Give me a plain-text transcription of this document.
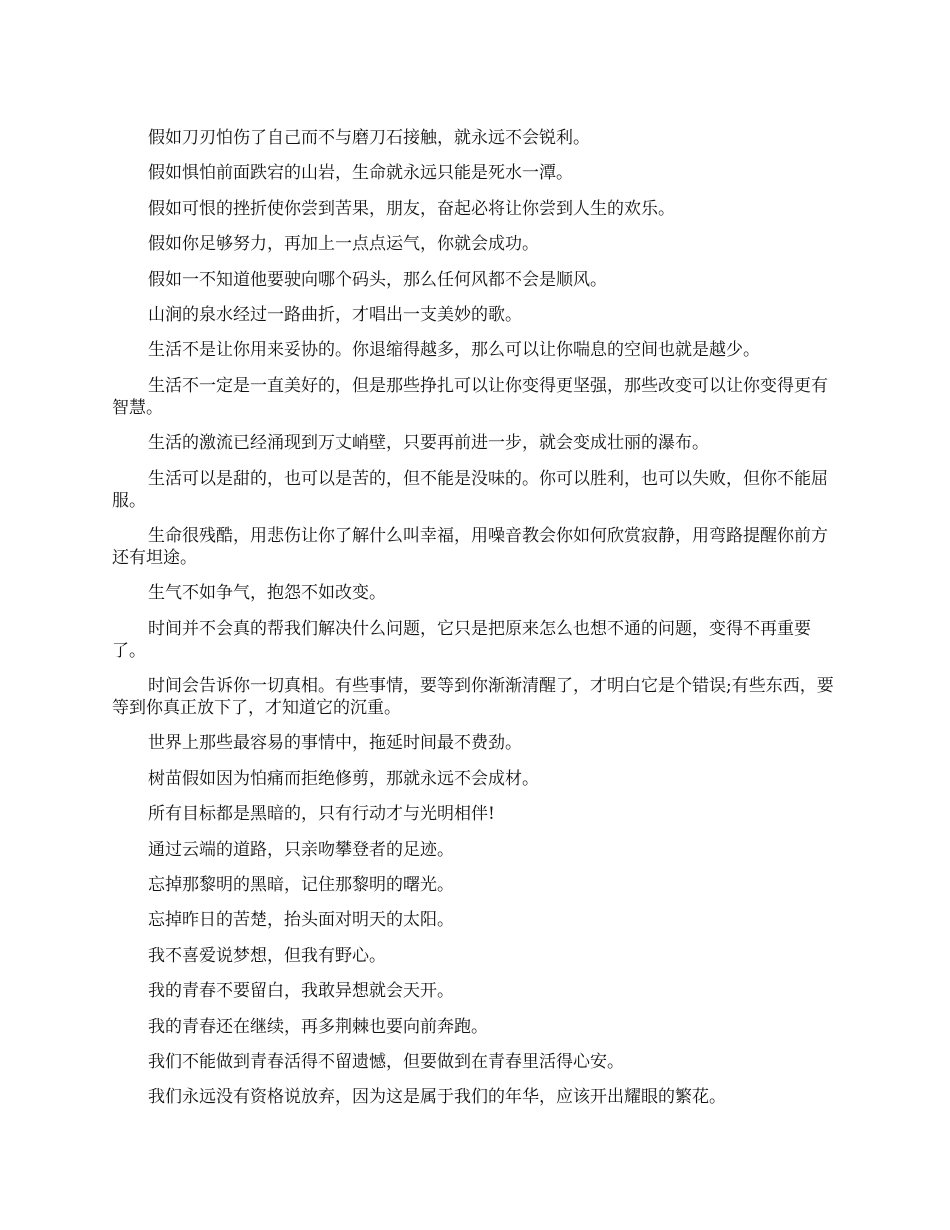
假如刀刃怕伤了自己而不与磨刀石接触，就永远不会锐利。

假如惧怕前面跌宕的山岩，生命就永远只能是死水一潭。

假如可恨的挫折使你尝到苦果，朋友，奋起必将让你尝到人生的欢乐。

假如你足够努力，再加上一点点运气，你就会成功。

假如一不知道他要驶向哪个码头，那么任何风都不会是顺风。

山涧的泉水经过一路曲折，才唱出一支美妙的歌。

生活不是让你用来妥协的。你退缩得越多，那么可以让你喘息的空间也就是越少。

生活不一定是一直美好的，但是那些挣扎可以让你变得更坚强，那些改变可以让你变得更有智慧。

生活的激流已经涌现到万丈峭壁，只要再前进一步，就会变成壮丽的瀑布。

生活可以是甜的，也可以是苦的，但不能是没味的。你可以胜利，也可以失败，但你不能屈服。

生命很残酷，用悲伤让你了解什么叫幸福，用噪音教会你如何欣赏寂静，用弯路提醒你前方还有坦途。

生气不如争气，抱怨不如改变。

时间并不会真的帮我们解决什么问题，它只是把原来怎么也想不通的问题，变得不再重要了。

时间会告诉你一切真相。有些事情，要等到你渐渐清醒了，才明白它是个错误;有些东西，要等到你真正放下了，才知道它的沉重。

世界上那些最容易的事情中，拖延时间最不费劲。

树苗假如因为怕痛而拒绝修剪，那就永远不会成材。

所有目标都是黑暗的，只有行动才与光明相伴!

通过云端的道路，只亲吻攀登者的足迹。

忘掉那黎明的黑暗，记住那黎明的曙光。

忘掉昨日的苦楚，抬头面对明天的太阳。

我不喜爱说梦想，但我有野心。

我的青春不要留白，我敢异想就会天开。

我的青春还在继续，再多荆棘也要向前奔跑。

我们不能做到青春活得不留遗憾，但要做到在青春里活得心安。

我们永远没有资格说放弃，因为这是属于我们的年华，应该开出耀眼的繁花。
